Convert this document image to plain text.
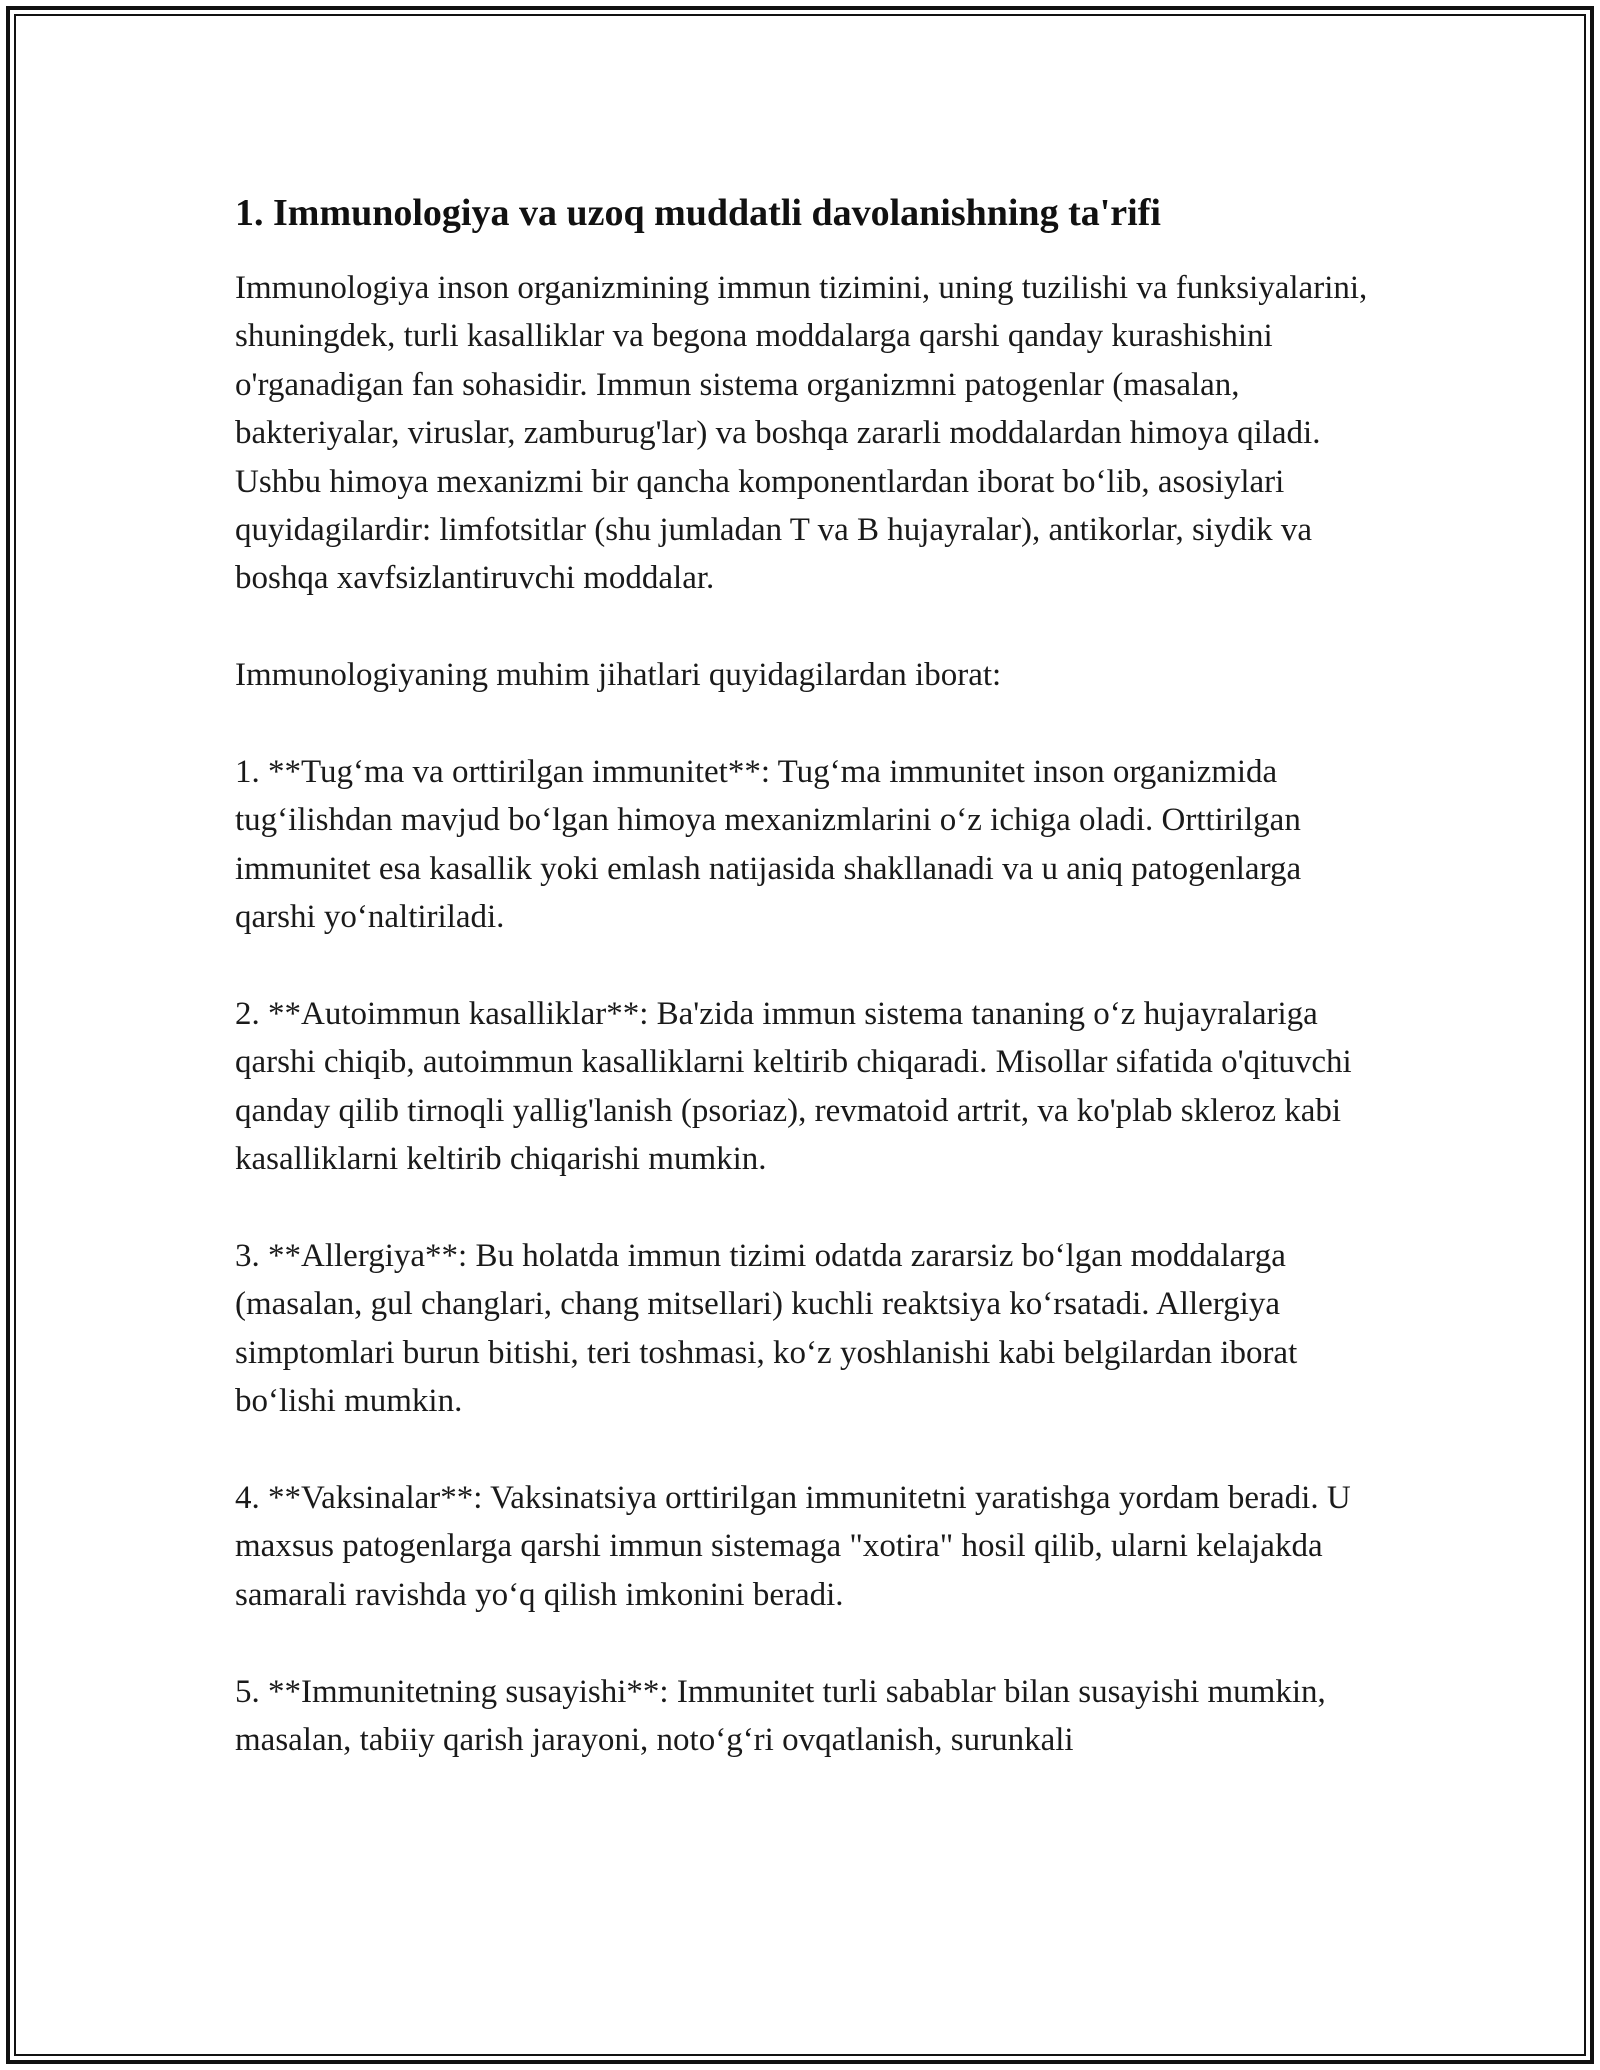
1. Immunologiya va uzoq muddatli davolanishning ta'rifi

Immunologiya inson organizmining immun tizimini, uning tuzilishi va funksiyalarini, shuningdek, turli kasalliklar va begona moddalarga qarshi qanday kurashishini o'rganadigan fan sohasidir. Immun sistema organizmni patogenlar (masalan, bakteriyalar, viruslar, zamburug'lar) va boshqa zararli moddalardan himoya qiladi. Ushbu himoya mexanizmi bir qancha komponentlardan iborat bo‘lib, asosiylari quyidagilardir: limfotsitlar (shu jumladan T va B hujayralar), antikorlar, siydik va boshqa xavfsizlantiruvchi moddalar.

Immunologiyaning muhim jihatlari quyidagilardan iborat:

1. **Tug‘ma va orttirilgan immunitet**: Tug‘ma immunitet inson organizmida tug‘ilishdan mavjud bo‘lgan himoya mexanizmlarini o‘z ichiga oladi. Orttirilgan immunitet esa kasallik yoki emlash natijasida shakllanadi va u aniq patogenlarga qarshi yo‘naltiriladi.

2. **Autoimmun kasalliklar**: Ba'zida immun sistema tananing o‘z hujayralariga qarshi chiqib, autoimmun kasalliklarni keltirib chiqaradi. Misollar sifatida o'qituvchi qanday qilib tirnoqli yallig'lanish (psoriaz), revmatoid artrit, va ko'plab skleroz kabi kasalliklarni keltirib chiqarishi mumkin.

3. **Allergiya**: Bu holatda immun tizimi odatda zararsiz bo‘lgan moddalarga (masalan, gul changlari, chang mitsellari) kuchli reaktsiya ko‘rsatadi. Allergiya simptomlari burun bitishi, teri toshmasi, ko‘z yoshlanishi kabi belgilardan iborat bo‘lishi mumkin.

4. **Vaksinalar**: Vaksinatsiya orttirilgan immunitetni yaratishga yordam beradi. U maxsus patogenlarga qarshi immun sistemaga "xotira" hosil qilib, ularni kelajakda samarali ravishda yo‘q qilish imkonini beradi.

5. **Immunitetning susayishi**: Immunitet turli sabablar bilan susayishi mumkin, masalan, tabiiy qarish jarayoni, noto‘g‘ri ovqatlanish, surunkali
